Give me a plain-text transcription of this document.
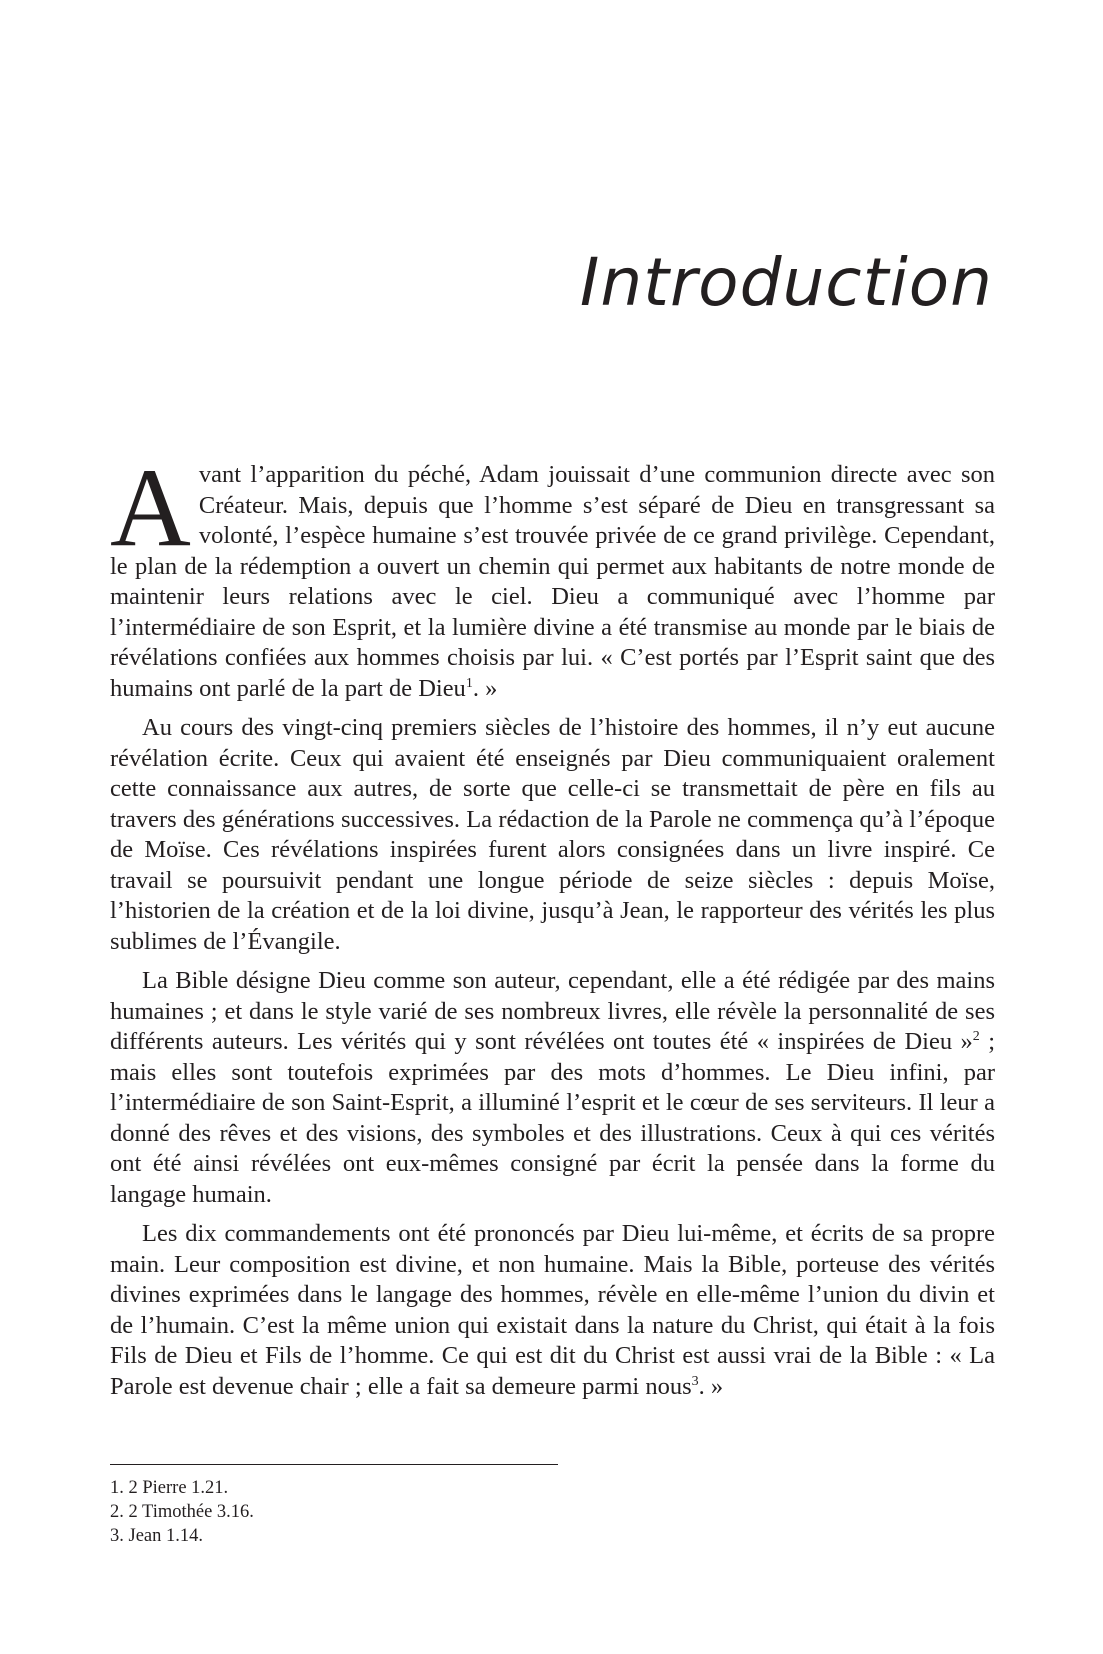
Introduction

Avant l’apparition du péché, Adam jouissait d’une communion directe avec son Créateur. Mais, depuis que l’homme s’est séparé de Dieu en transgressant sa volonté, l’espèce humaine s’est trouvée privée de ce grand privilège. Cependant, le plan de la rédemption a ouvert un chemin qui permet aux habitants de notre monde de maintenir leurs relations avec le ciel. Dieu a communiqué avec l’homme par l’intermédiaire de son Esprit, et la lumière divine a été transmise au monde par le biais de révélations confiées aux hommes choisis par lui. « C’est portés par l’Esprit saint que des humains ont parlé de la part de Dieu$^1$. »

Au cours des vingt-cinq premiers siècles de l’histoire des hommes, il n’y eut aucune révélation écrite. Ceux qui avaient été enseignés par Dieu communiquaient oralement cette connaissance aux autres, de sorte que celle-ci se transmettait de père en fils au travers des générations successives. La rédaction de la Parole ne commença qu’à l’époque de Moïse. Ces révélations inspirées furent alors consignées dans un livre inspiré. Ce travail se poursuivit pendant une longue période de seize siècles : depuis Moïse, l’historien de la création et de la loi divine, jusqu’à Jean, le rapporteur des vérités les plus sublimes de l’Évangile.

La Bible désigne Dieu comme son auteur, cependant, elle a été rédigée par des mains humaines ; et dans le style varié de ses nombreux livres, elle révèle la personnalité de ses différents auteurs. Les vérités qui y sont révélées ont toutes été « inspirées de Dieu »$^2$ ; mais elles sont toutefois exprimées par des mots d’hommes. Le Dieu infini, par l’intermédiaire de son Saint-Esprit, a illuminé l’esprit et le cœur de ses serviteurs. Il leur a donné des rêves et des visions, des symboles et des illustrations. Ceux à qui ces vérités ont été ainsi révélées ont eux-mêmes consigné par écrit la pensée dans la forme du langage humain.

Les dix commandements ont été prononcés par Dieu lui-même, et écrits de sa propre main. Leur composition est divine, et non humaine. Mais la Bible, porteuse des vérités divines exprimées dans le langage des hommes, révèle en elle-même l’union du divin et de l’humain. C’est la même union qui existait dans la nature du Christ, qui était à la fois Fils de Dieu et Fils de l’homme. Ce qui est dit du Christ est aussi vrai de la Bible : « La Parole est devenue chair ; elle a fait sa demeure parmi nous$^3$. »

1. 2 Pierre 1.21.
2. 2 Timothée 3.16.
3. Jean 1.14.
